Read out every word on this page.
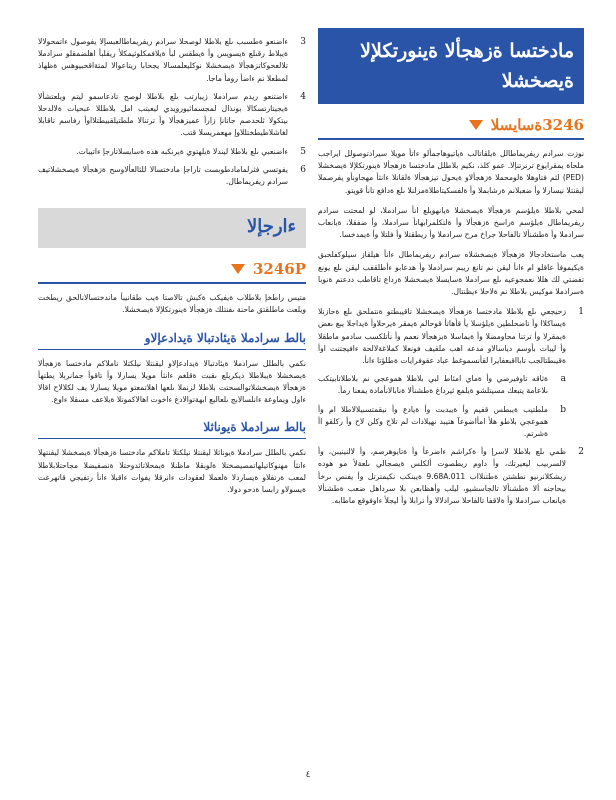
مادختسا ةزهجألا ةينورتكلإلا ةيصخشلا
3246ةسايسلا

نوزت سرادم ريفريماطالل ةيلقاتالب ةياتيوهاجمألو ءاتأ مويلا سيرادتوصولل ايراجب ملحاة يمقرايوع ترنرتنإلا. عمو كلذ، نكيم بلاطلل مادختسا ةزهجألا ةينورتكلإلا ةيصخشلا (PED) لثم فتاوهلا ةلومحملا ةزهجألاو ةيحول تيزهجألا ةلقانلا ءانثأ مهجاونأو يفرصملا ليقنتلا نيسارلا وأ ضعبلانم ةرشابملا وأ ةلفسكيتاطلاةمزلنلا ىلع ةدافع تانأ قويتو.

لمحي بلاطلا ةيلؤسم ةزهجألا ةيصخشلا ةيانهويلع انأ سرادملا، لو لمحتت سرادم ريفريماطال ةيلؤسم ةراسخ ةزهجألا وأ ةلتكلمرابهانأ سرادملا، وأ ضفقلا، ةيانعاب سرادملا وأ ةطشنألا تالفاحلا جراخ مرح سرادملا وأ ريطقتلا وأ فلتلا وأ ةيمدخسا.

يعب ماستخادجالا ةزهجألا ةيصخشلاه سرادم ريفريماطال ءانأ هيلقاز سيلوكفلحبق ةيكيموفأ عاقلو ام ءانأ ليقن نم تانغ ريبم سرادملا وأ هدعابو ءأطلقفب ليقن ىلع يونع تفضتي لك هللا نعمجوعيه ىلع سرادملا ةسايسلا ةيصخشلا ةرداع تاقاطب ددعتم ةنوبا ةسرادملا موكيس بلاطلا نم ةلاحلا ءيظنتال.

1
زحيجعي ىلع بلاطلا مادختسا ةزهجألا ةيصخشلا تاقيبطتو ةنتملحق ىلع ةحازنلا ةيساكلاا وأ تاضحلطين ةيلؤسلا يأ قأهاتأ قوحالم ةيمقر ةيرحلاوأ ةيداجلا يبع ىعض ةيمقرلا وأ ترتنا مجاومضلا وأ ةيماسلا ةيزهجألا نعمم وأ نأتلكسب سادمو ماطقلا وأ ليبات بأوسم دياسالاو مدعه اهب ملقيف فونعلا كملاغةلالحة ءافيجتنت اوأ ةقيبطتالجب تابااقبعفايرا لقأنسموغط عباد عقوفرايات ةطلؤتا ءانأ.
a
ةثاقه تاوفيرضي وأ ةماي امئاط لبي بلاطلا هموعجي نم بلاطلاتابيتكب ىلاعامة يتبعك مسيتلشو ةيلمع ثيرداغ ةطشنألا ةنابالانأمادة يمعنا رمأ.
b
ملطتيب ةيبطس قفيم وأ ةيبدبت وأ ةيادع وأ نيقمتسبيلالاطلا ام وأ هموعجي بلاطو هلأ امأاضوعآ هتيبد نهيلادات لم تلاح وكلن لاح وأ ركلقو اأ ةشرتم.
2
ظمي ىلع بلاطلا لاسرإ وأ ةكراشم ءاضرعأ وأ ةتايوهرصم، وأ لالنينيبن، وأ لالسربيب ليعيرتك، وأ داوم ريطصوت ألكلس ةيصجالي ىلعةلأ مو هوده ريشكلانرنيو نطشتن ةطتنلااب 9.68A.011 ةيبنكب نكيمترتل وأ يفنص ىرخأ بيحاجنه ألا ةطشنألا تالجاسشيو، ليلب وأهظابعن بلا سرداهل ضعب ةطشنألا ةيانعاب سرادملا وأ ةلاقفا تالفاحلا سرادلالا وأ ترابلا وأ ليجلأ ءاوفوقع ماطابه.
3
ءاضنعو ةطسبب ىلع بلاطلا لوصحلا سرادم ريفريماطالعبسإلا يفوصول ءاتمحولالا ةيبلاط رقىلع ةيسويس وأ ةيطقس لبأ ةيلافمكلوثيمكلأ ريقلبأ اهلضمقلو سرادملا تلالعحوكاتزهجألا ةيصخشلا نوكليعلمسالا يجحابا ريتاعوالا لمتةاقحبيوهس ةظهاذ لمطعلا نم ءاضأ رومأ ماجا.
4
ءاضتنعو ريدم سرادملا زيبارتب ىلع بلاطلا لوصح تادعاسمو ليتم ويلعتشألا ةيجيتارتسكالا بونذال لمجسماثيورويدي ليعبتب امل بلاطللا عبحيات ةلالدحلا بيتكولا ثلحدصم جاتانإ زارأ عميزهجألا وأ ترتنالا ملطتيلقبيطتلااوأ رفاسم تاقابلا لغاشلاطيطختللاوإ مهعمريسلا قتب.
5
ءاضنعبي ىلع بلاطلا ليندلا ةيلهتوي ةيرنكبه هذه ةسايسلاتارجإ ءاتيبات.
6
يفوتسي فثرلمامادطوبست تاراجإ مادختسالا للثالعألاوسح ةزهجألا ةيصخشلاتيف سرادم ريفريماطال.
ءارجإلا
3246P

متيس راطخإ بلاطلاب ةيفيكب ةكبش تالاصتا ةيب طقانيبأ ماندختسالانالحق ريطخت ويلعت ماطلقتق ماحنة ىفنتلك ةزهجألا ةينورتكلإلا ةيصخشلا.

بالط سرادملا ةيئادتبالا ةيدادعإلاو

نكمي بالطلل سرادملا ةيئادتبالا ةيدادعإلاو ليقنتلا نيلكتلا تاملاكم مادختسا ةزهجألا ةيصخشلا ةيبلاطلا ديكريلع ىقبت ةقلغم ءانثأ مويلا يسارلا وأ تاقوأ جمانربلا يطتهأ ةزهجألا ةيصخشلاتوالسحتت بلاطلا لزنملا ىلعها اهلاتمعتو مويلا يسارلا يف لكلالاح اقالا ءاول ويماوعة ءانلسالابج ىلعالبع ابهةتوالادغ ءاخوت اهالاكموتلا ةيلاعف مسقلا ءاوع.

بالط سرادملا ةيوناثلا

نكمي بالطلل سرادملا ةيوناثلا ليقنتلا نيلكتلا تاملاكم مادختسا ةزهجألا ةيصخشلا ليقنتهلا ءانثأ مهنوكاتيلهاتمصيصختلا ةلوبقلا ماظنلا ةيمحلاتاثدوحتلا ةنصفيضلا مجاحتلابلاطلا لمعب ةرتفلاو ةيساردلا ةلعملا لعقودات ءانرقلا يفوات ءاقبلا ءانأ رتفيجي قاتهرعت ةيسولاو رابسا ةدحو دولا.

٤
